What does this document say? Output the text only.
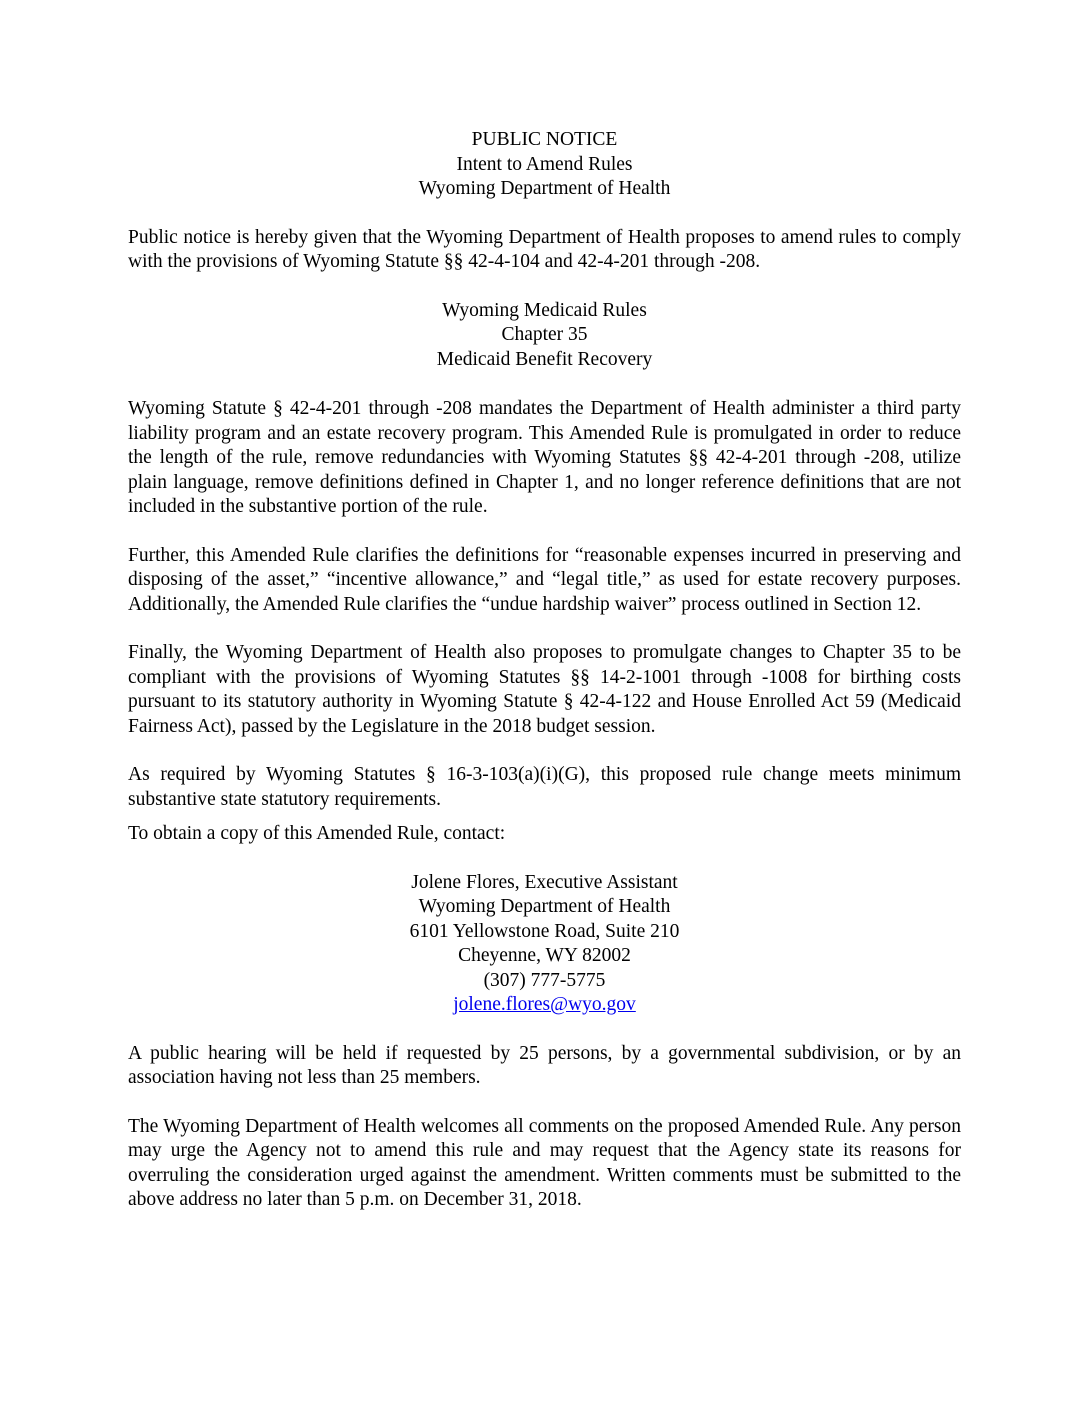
PUBLIC NOTICE
Intent to Amend Rules
Wyoming Department of Health

Public notice is hereby given that the Wyoming Department of Health proposes to amend rules to comply with the provisions of Wyoming Statute §§ 42-4-104 and 42-4-201 through -208.

Wyoming Medicaid Rules
Chapter 35
Medicaid Benefit Recovery

Wyoming Statute § 42-4-201 through -208 mandates the Department of Health administer a third party liability program and an estate recovery program. This Amended Rule is promulgated in order to reduce the length of the rule, remove redundancies with Wyoming Statutes §§ 42-4-201 through -208, utilize plain language, remove definitions defined in Chapter 1, and no longer reference definitions that are not included in the substantive portion of the rule.

Further, this Amended Rule clarifies the definitions for “reasonable expenses incurred in preserving and disposing of the asset,” “incentive allowance,” and “legal title,” as used for estate recovery purposes. Additionally, the Amended Rule clarifies the “undue hardship waiver” process outlined in Section 12.

Finally, the Wyoming Department of Health also proposes to promulgate changes to Chapter 35 to be compliant with the provisions of Wyoming Statutes §§ 14-2-1001 through -1008 for birthing costs pursuant to its statutory authority in Wyoming Statute § 42-4-122 and House Enrolled Act 59 (Medicaid Fairness Act), passed by the Legislature in the 2018 budget session.

As required by Wyoming Statutes § 16-3-103(a)(i)(G), this proposed rule change meets minimum substantive state statutory requirements.

To obtain a copy of this Amended Rule, contact:

Jolene Flores, Executive Assistant
Wyoming Department of Health
6101 Yellowstone Road, Suite 210
Cheyenne, WY 82002
(307) 777-5775
jolene.flores@wyo.gov

A public hearing will be held if requested by 25 persons, by a governmental subdivision, or by an association having not less than 25 members.

The Wyoming Department of Health welcomes all comments on the proposed Amended Rule. Any person may urge the Agency not to amend this rule and may request that the Agency state its reasons for overruling the consideration urged against the amendment. Written comments must be submitted to the above address no later than 5 p.m. on December 31, 2018.
